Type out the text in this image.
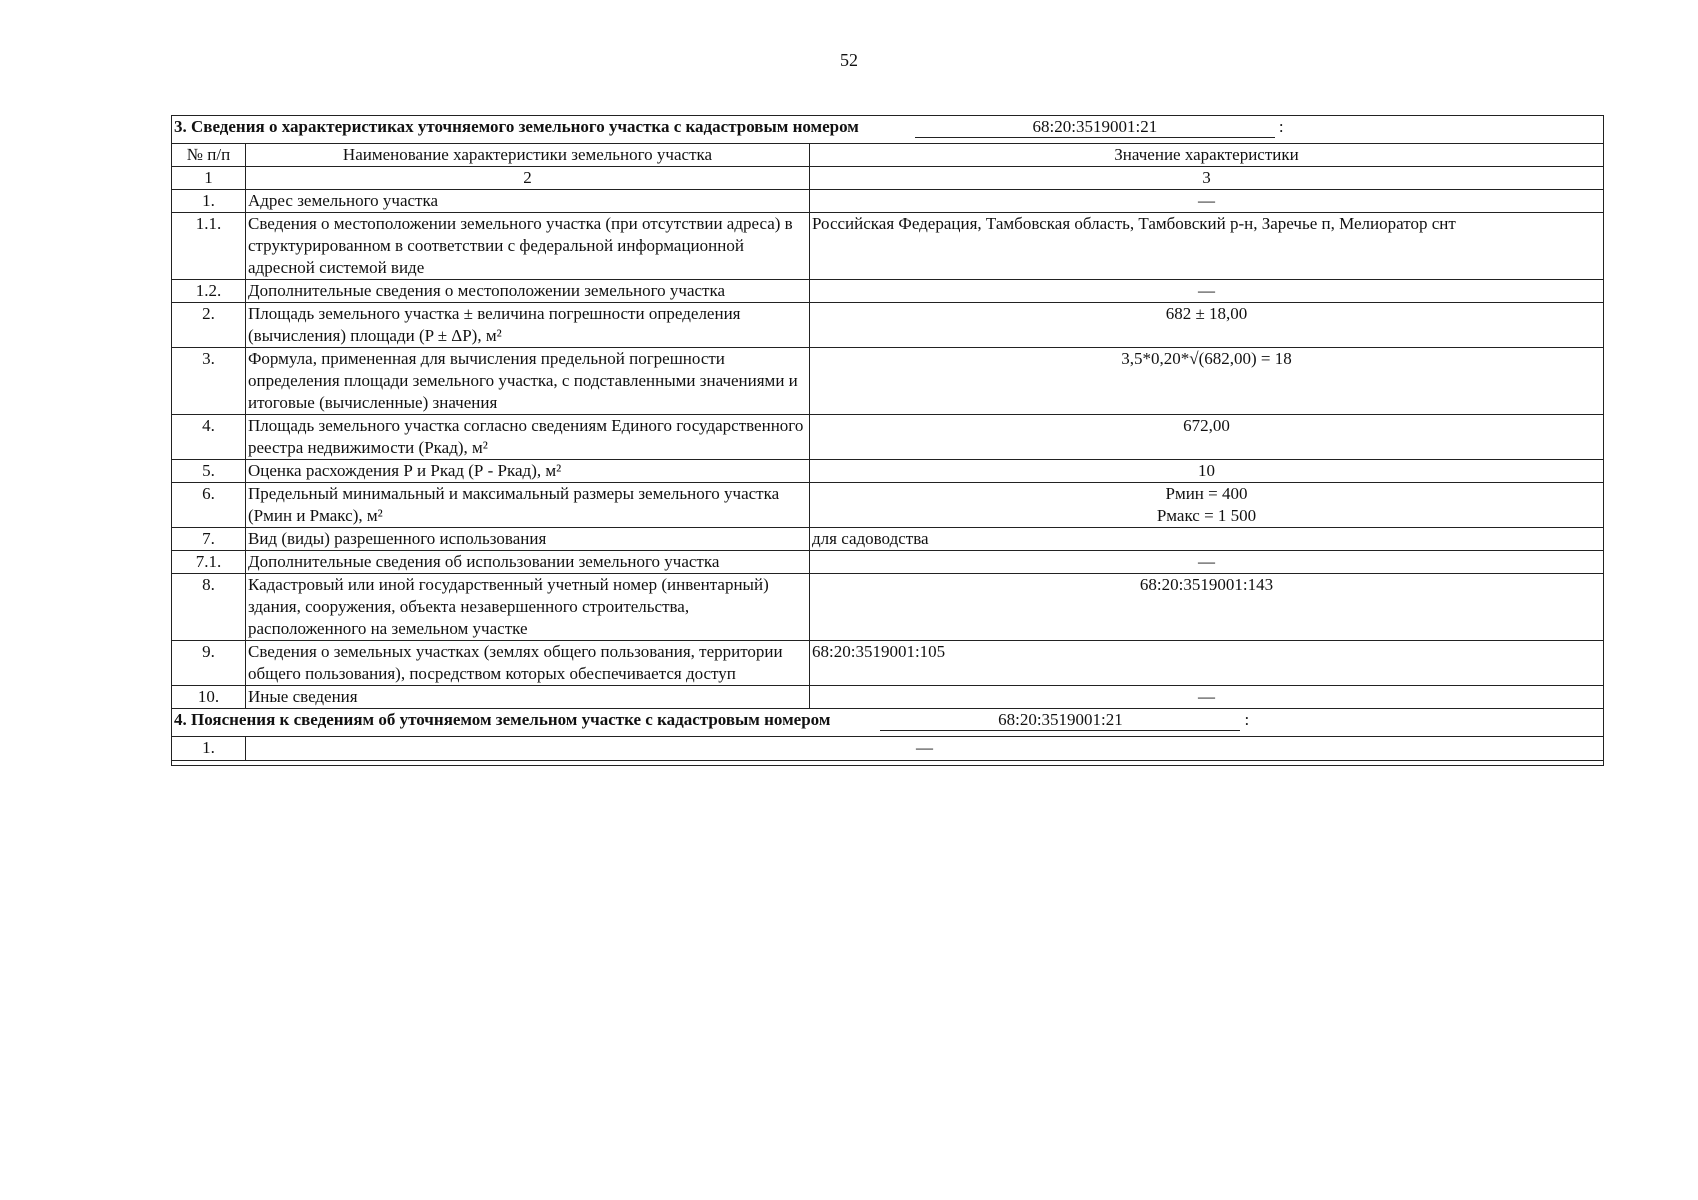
52
3. Сведения о характеристиках уточняемого земельного участка с кадастровым номером 68:20:3519001:21 :		
№ п/п	Наименование характеристики земельного участка	Значение характеристики
1	2	3
1.	Адрес земельного участка	—
1.1.	Сведения о местоположении земельного участка (при отсутствии адреса) в структурированном в соответствии с федеральной информационной адресной системой виде	Российская Федерация, Тамбовская область, Тамбовский р-н, Заречье п, Мелиоратор снт
1.2.	Дополнительные сведения о местоположении земельного участка	—
2.	Площадь земельного участка ± величина погрешности определения (вычисления) площади (P ± ΔP), м²	682 ± 18,00
3.	Формула, примененная для вычисления предельной погрешности определения площади земельного участка, с подставленными значениями и итоговые (вычисленные) значения	3,5*0,20*√(682,00) = 18
4.	Площадь земельного участка согласно сведениям Единого государственного реестра недвижимости (Ркад), м²	672,00
5.	Оценка расхождения Р и Ркад (Р - Ркад), м²	10
6.	Предельный минимальный и максимальный размеры земельного участка (Рмин и Рмакс), м²	Рмин = 400
Рмакс = 1 500

7.	Вид (виды) разрешенного использования	для садоводства
7.1.	Дополнительные сведения об использовании земельного участка	—
8.	Кадастровый или иной государственный учетный номер (инвентарный) здания, сооружения, объекта незавершенного строительства, расположенного на земельном участке	68:20:3519001:143
9.	Сведения о земельных участках (землях общего пользования, территории общего пользования), посредством которых обеспечивается доступ	68:20:3519001:105
10.	Иные сведения	—
4. Пояснения к сведениям об уточняемом земельном участке с кадастровым номером 68:20:3519001:21 :		
1.	—	
